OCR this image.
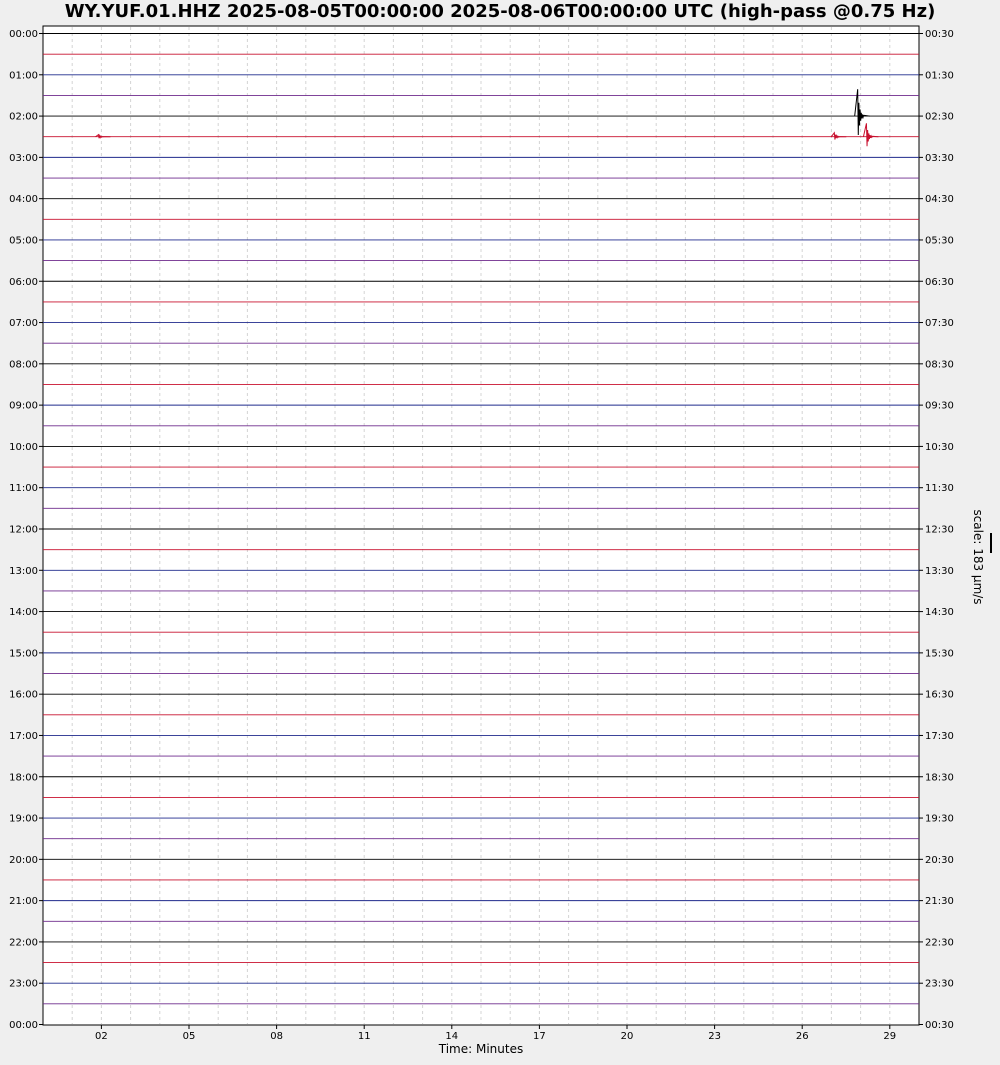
WY.YUF.01.HHZ 2025-08-05T00:00:00 2025-08-06T00:00:00 UTC (high-pass @0.75 Hz)
00:00
01:00
02:00
03:00
04:00
05:00
06:00
07:00
08:00
09:00
10:00
11:00
12:00
13:00
14:00
15:00
16:00
17:00
18:00
19:00
20:00
21:00
22:00
23:00
00:00
00:30
01:30
02:30
03:30
04:30
05:30
06:30
07:30
08:30
09:30
10:30
11:30
12:30
13:30
14:30
15:30
16:30
17:30
18:30
19:30
20:30
21:30
22:30
23:30
00:30
02	05	08	11	14	17	20	23	26	29
Time: Minutes
scale: 183 µm/s
